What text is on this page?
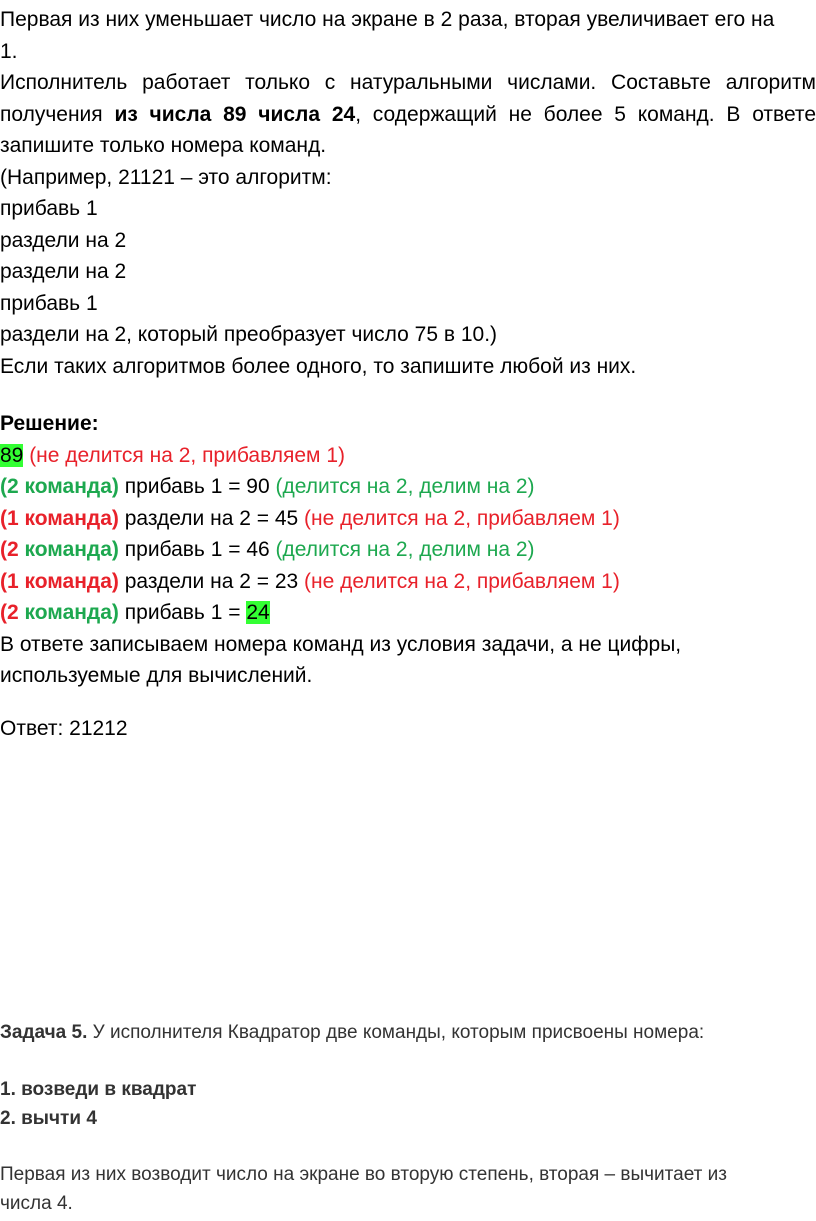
Первая из них уменьшает число на экране в 2 раза, вторая увеличивает его на

1.

Исполнитель работает только с натуральными числами. Составьте алгоритм

получения из числа 89 числа 24, содержащий не более 5 команд. В ответе

запишите только номера команд.

(Например, 21121 – это алгоритм:

прибавь 1

раздели на 2

раздели на 2

прибавь 1

раздели на 2, который преобразует число 75 в 10.)

Если таких алгоритмов более одного, то запишите любой из них.

Решение:

89 (не делится на 2, прибавляем 1)

(2 команда) прибавь 1 = 90 (делится на 2, делим на 2)

(1 команда) раздели на 2 = 45 (не делится на 2, прибавляем 1)

(2 команда) прибавь 1 = 46 (делится на 2, делим на 2)

(1 команда) раздели на 2 = 23 (не делится на 2, прибавляем 1)

(2 команда) прибавь 1 = 24

В ответе записываем номера команд из условия задачи, а не цифры,

используемые для вычислений.

Ответ: 21212

Задача 5. У исполнителя Квадратор две команды, которым присвоены номера:

1. возведи в квадрат

2. вычти 4

Первая из них возводит число на экране во вторую степень, вторая – вычитает из

числа 4.
